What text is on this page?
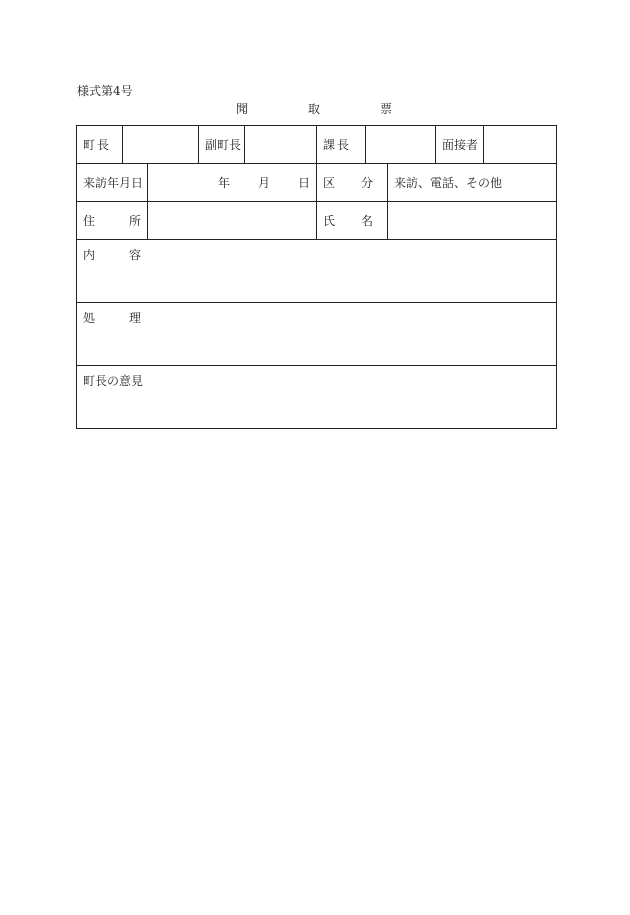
様式第4号
聞	取	票
町 長			副町長		課 長			面接者	

来訪年月日		年 月 日			区 分		来訪、電話、その他		

住 所					氏 名				

内 容									

処 理									

町長の意見									
